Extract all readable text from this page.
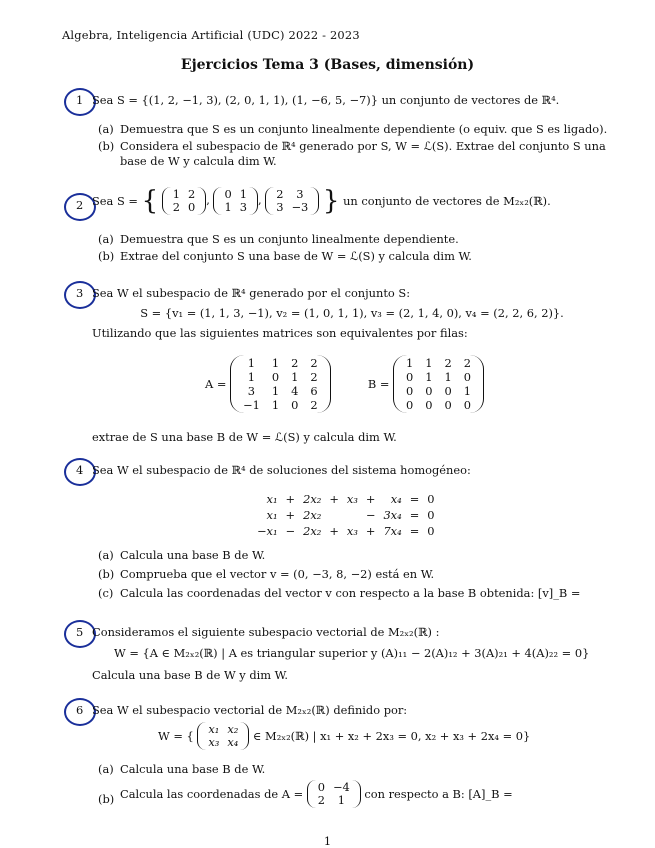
Algebra, Inteligencia Artificial (UDC) 2022 - 2023
Ejercicios Tema 3 (Bases, dimensión)
1 Sea S = {(1, 2, −1, 3), (2, 0, 1, 1), (1, −6, 5, −7)} un conjunto de vectores de ℝ⁴.
(a) Demuestra que S es un conjunto linealmente dependiente (o equiv. que S es ligado).
(b) Considera el subespacio de ℝ⁴ generado por S, W = ℒ(S). Extrae del conjunto S una base de W y calcula dim W.
2 Sea S = { 1	2
2	0 , 0	1
1	3 , 2	3
3	−3 } un conjunto de vectores de M₂ₓ₂(ℝ).
(a) Demuestra que S es un conjunto linealmente dependiente.
(b) Extrae del conjunto S una base de W = ℒ(S) y calcula dim W.
3 Sea W el subespacio de ℝ⁴ generado por el conjunto S:
S = {v₁ = (1, 1, 3, −1), v₂ = (1, 0, 1, 1), v₃ = (2, 1, 4, 0), v₄ = (2, 2, 6, 2)}.
Utilizando que las siguientes matrices son equivalentes por filas:
A =
1	1	2	2
1	0	1	2
3	1	4	6
−1	1	0	2
B =
1	1	2	2
0	1	1	0
0	0	0	1
0	0	0	0
extrae de S una base B de W = ℒ(S) y calcula dim W.
4 Sea W el subespacio de ℝ⁴ de soluciones del sistema homogéneo:
x₁	+	2x₂	+	x₃	+	x₄	=	0
x₁	+	2x₂			−	3x₄	=	0
−x₁	−	2x₂	+	x₃	+	7x₄	=	0
(a) Calcula una base B de W.
(b) Comprueba que el vector v = (0, −3, 8, −2) está en W.
(c) Calcula las coordenadas del vector v con respecto a la base B obtenida: [v]_B =
5 Consideramos el siguiente subespacio vectorial de M₂ₓ₂(ℝ) :
W = {A ∈ M₂ₓ₂(ℝ) | A es triangular superior y (A)₁₁ − 2(A)₁₂ + 3(A)₂₁ + 4(A)₂₂ = 0}
Calcula una base B de W y dim W.
6 Sea W el subespacio vectorial de M₂ₓ₂(ℝ) definido por:
W = { x₁	x₂
x₃	x₄ ∈ M₂ₓ₂(ℝ) | x₁ + x₂ + 2x₃ = 0, x₂ + x₃ + 2x₄ = 0}
(a) Calcula una base B de W.
(b) Calcula las coordenadas de A = 0	−4
2	1 con respecto a B: [A]_B =
1
